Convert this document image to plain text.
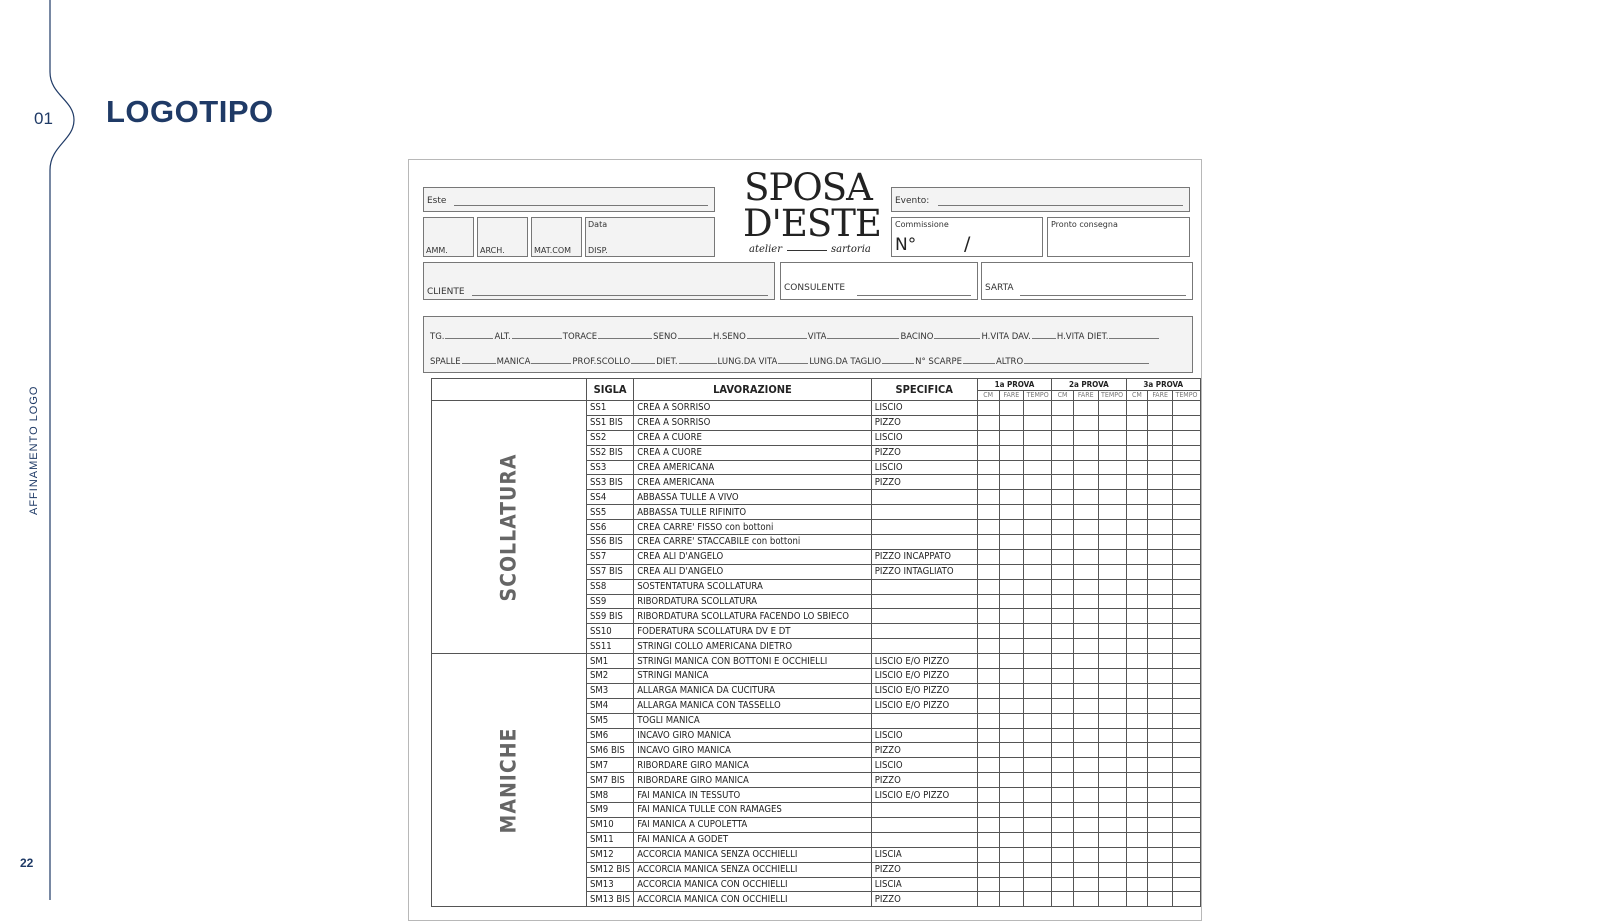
01 LOGOTIPO
AFFINAMENTO LOGO
22
Este
AMM.	ARCH.	MAT.COM
Data
DISP.
SPOSA
D'ESTE
atelier	sartoria
Evento:
Commissione
N°	/
Pronto consegna
CLIENTE	CONSULENTE	SARTA
TG.	ALT.	TORACE	SENO	H.SENO	VITA	BACINO	H.VITA DAV.	H.VITA DIET.
SPALLE	MANICA	PROF.SCOLLO	DIET.	LUNG.DA VITA	LUNG.DA TAGLIO	N° SCARPE	ALTRO
	SIGLA	LAVORAZIONE	SPECIFICA	1a PROVA			2a PROVA			3a PROVA		
				CM	FARE	TEMPO	CM	FARE	TEMPO	CM	FARE	TEMPO

SCOLLATURA	SS1	CREA A SORRISO	LISCIO									
	SS1 BIS	CREA A SORRISO	PIZZO									
	SS2	CREA A CUORE	LISCIO									
	SS2 BIS	CREA A CUORE	PIZZO									
	SS3	CREA AMERICANA	LISCIO									
	SS3 BIS	CREA AMERICANA	PIZZO									
	SS4	ABBASSA TULLE A VIVO										
	SS5	ABBASSA TULLE RIFINITO										
	SS6	CREA CARRE' FISSO con bottoni										
	SS6 BIS	CREA CARRE' STACCABILE con bottoni										
	SS7	CREA ALI D'ANGELO	PIZZO INCAPPATO									
	SS7 BIS	CREA ALI D'ANGELO	PIZZO INTAGLIATO									
	SS8	SOSTENTATURA SCOLLATURA										
	SS9	RIBORDATURA SCOLLATURA										
	SS9 BIS	RIBORDATURA SCOLLATURA FACENDO LO SBIECO										
	SS10	FODERATURA SCOLLATURA DV E DT										
	SS11	STRINGI COLLO AMERICANA DIETRO										

MANICHE	SM1	STRINGI MANICA CON BOTTONI E OCCHIELLI	LISCIO E/O PIZZO									
	SM2	STRINGI MANICA	LISCIO E/O PIZZO									
	SM3	ALLARGA MANICA DA CUCITURA	LISCIO E/O PIZZO									
	SM4	ALLARGA MANICA CON TASSELLO	LISCIO E/O PIZZO									
	SM5	TOGLI MANICA										
	SM6	INCAVO GIRO MANICA	LISCIO									
	SM6 BIS	INCAVO GIRO MANICA	PIZZO									
	SM7	RIBORDARE GIRO MANICA	LISCIO									
	SM7 BIS	RIBORDARE GIRO MANICA	PIZZO									
	SM8	FAI MANICA IN TESSUTO	LISCIO E/O PIZZO									
	SM9	FAI MANICA TULLE CON RAMAGES										
	SM10	FAI MANICA A CUPOLETTA										
	SM11	FAI MANICA A GODET										
	SM12	ACCORCIA MANICA SENZA OCCHIELLI	LISCIA									
	SM12 BIS	ACCORCIA MANICA SENZA OCCHIELLI	PIZZO									
	SM13	ACCORCIA MANICA CON OCCHIELLI	LISCIA									
	SM13 BIS	ACCORCIA MANICA CON OCCHIELLI	PIZZO									
